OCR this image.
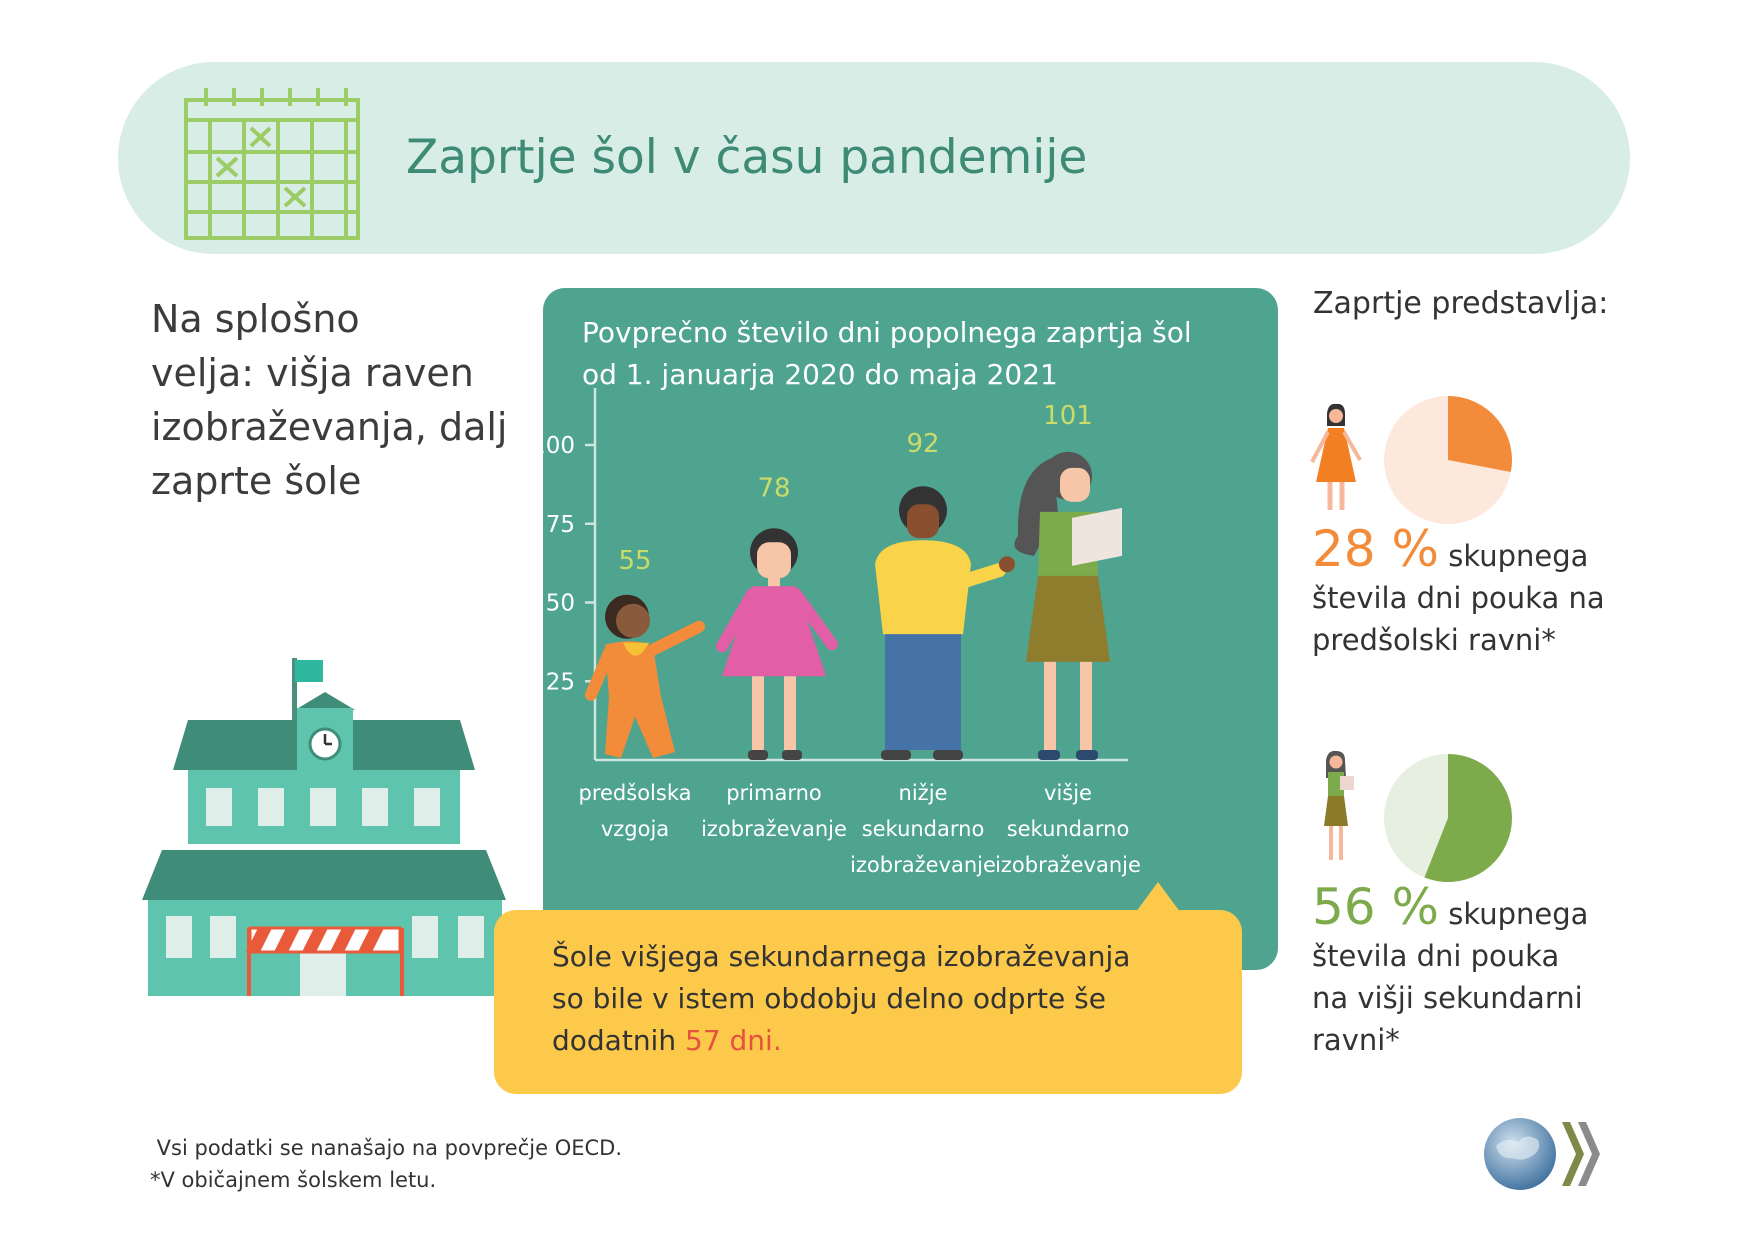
Zaprtje šol v času pandemije
Na splošno
velja: višja raven
izobraževanja, dalj
zaprte šole
Povprečno število dni popolnega zaprtja šol
od 1. januarja 2020 do maja 2021
25
50
75
100
55
78
92
101
predšolska
vzgoja
primarno
izobraževanje
nižje
sekundarno
izobraževanje
višje
sekundarno
izobraževanje
Šole višjega sekundarnega izobraževanja
so bile v istem obdobju delno odprte še
dodatnih 57 dni.
Zaprtje predstavlja:
28 % skupnega
števila dni pouka na
predšolski ravni*
56 % skupnega
števila dni pouka
na višji sekundarni
ravni*
Vsi podatki se nanašajo na povprečje OECD.
*V običajnem šolskem letu.
